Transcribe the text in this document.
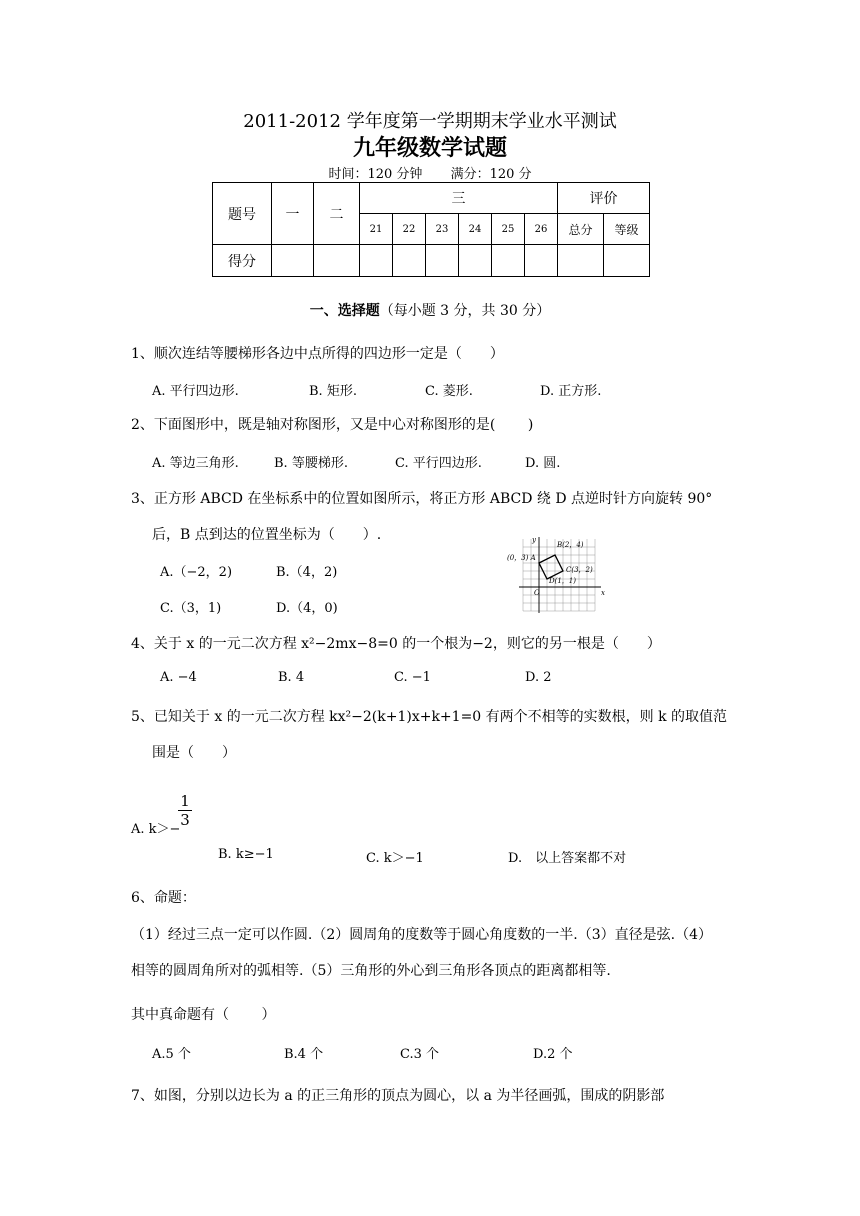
2011-2012 学年度第一学期期末学业水平测试
九年级数学试题
时间：120 分钟 满分：120 分
题号	一	二	三						评价	
			21	22	23	24	25	26	总分	等级
得分										
一、选择题（每小题 3 分，共 30 分）
1、顺次连结等腰梯形各边中点所得的四边形一定是（　　）
A. 平行四边形.	B. 矩形.	C. 菱形.	D. 正方形.
2、下面图形中，既是轴对称图形，又是中心对称图形的是(　　 )
A. 等边三角形.	B. 等腰梯形.	C. 平行四边形.	D. 圆.
3、正方形 ABCD 在坐标系中的位置如图所示，将正方形 ABCD 绕 D 点逆时针方向旋转 90°
后，B 点到达的位置坐标为（　　）.
A.（−2，2)	B.（4，2)
C.（3，1)	D.（4，0)
y
x
O
(0，3) A
B(2，4)
C(3，2)
D(1，1)
4、关于 x 的一元二次方程 x²−2mx−8=0 的一个根为−2，则它的另一根是（　　）
A. −4	B. 4	C. −1	D. 2
5、已知关于 x 的一元二次方程 kx²−2(k+1)x+k+1=0 有两个不相等的实数根，则 k 的取值范
围是（　　）
A. k＞−
$\frac{1}{3}$
B. k≥−1	C. k＞−1	D.　以上答案都不对
6、命题：
（1）经过三点一定可以作圆.（2）圆周角的度数等于圆心角度数的一半.（3）直径是弦.（4）
相等的圆周角所对的弧相等.（5）三角形的外心到三角形各顶点的距离都相等.
其中真命题有（　　 ）
A.5 个	B.4 个	C.3 个	D.2 个
7、如图，分别以边长为 a 的正三角形的顶点为圆心，以 a 为半径画弧，围成的阴影部
